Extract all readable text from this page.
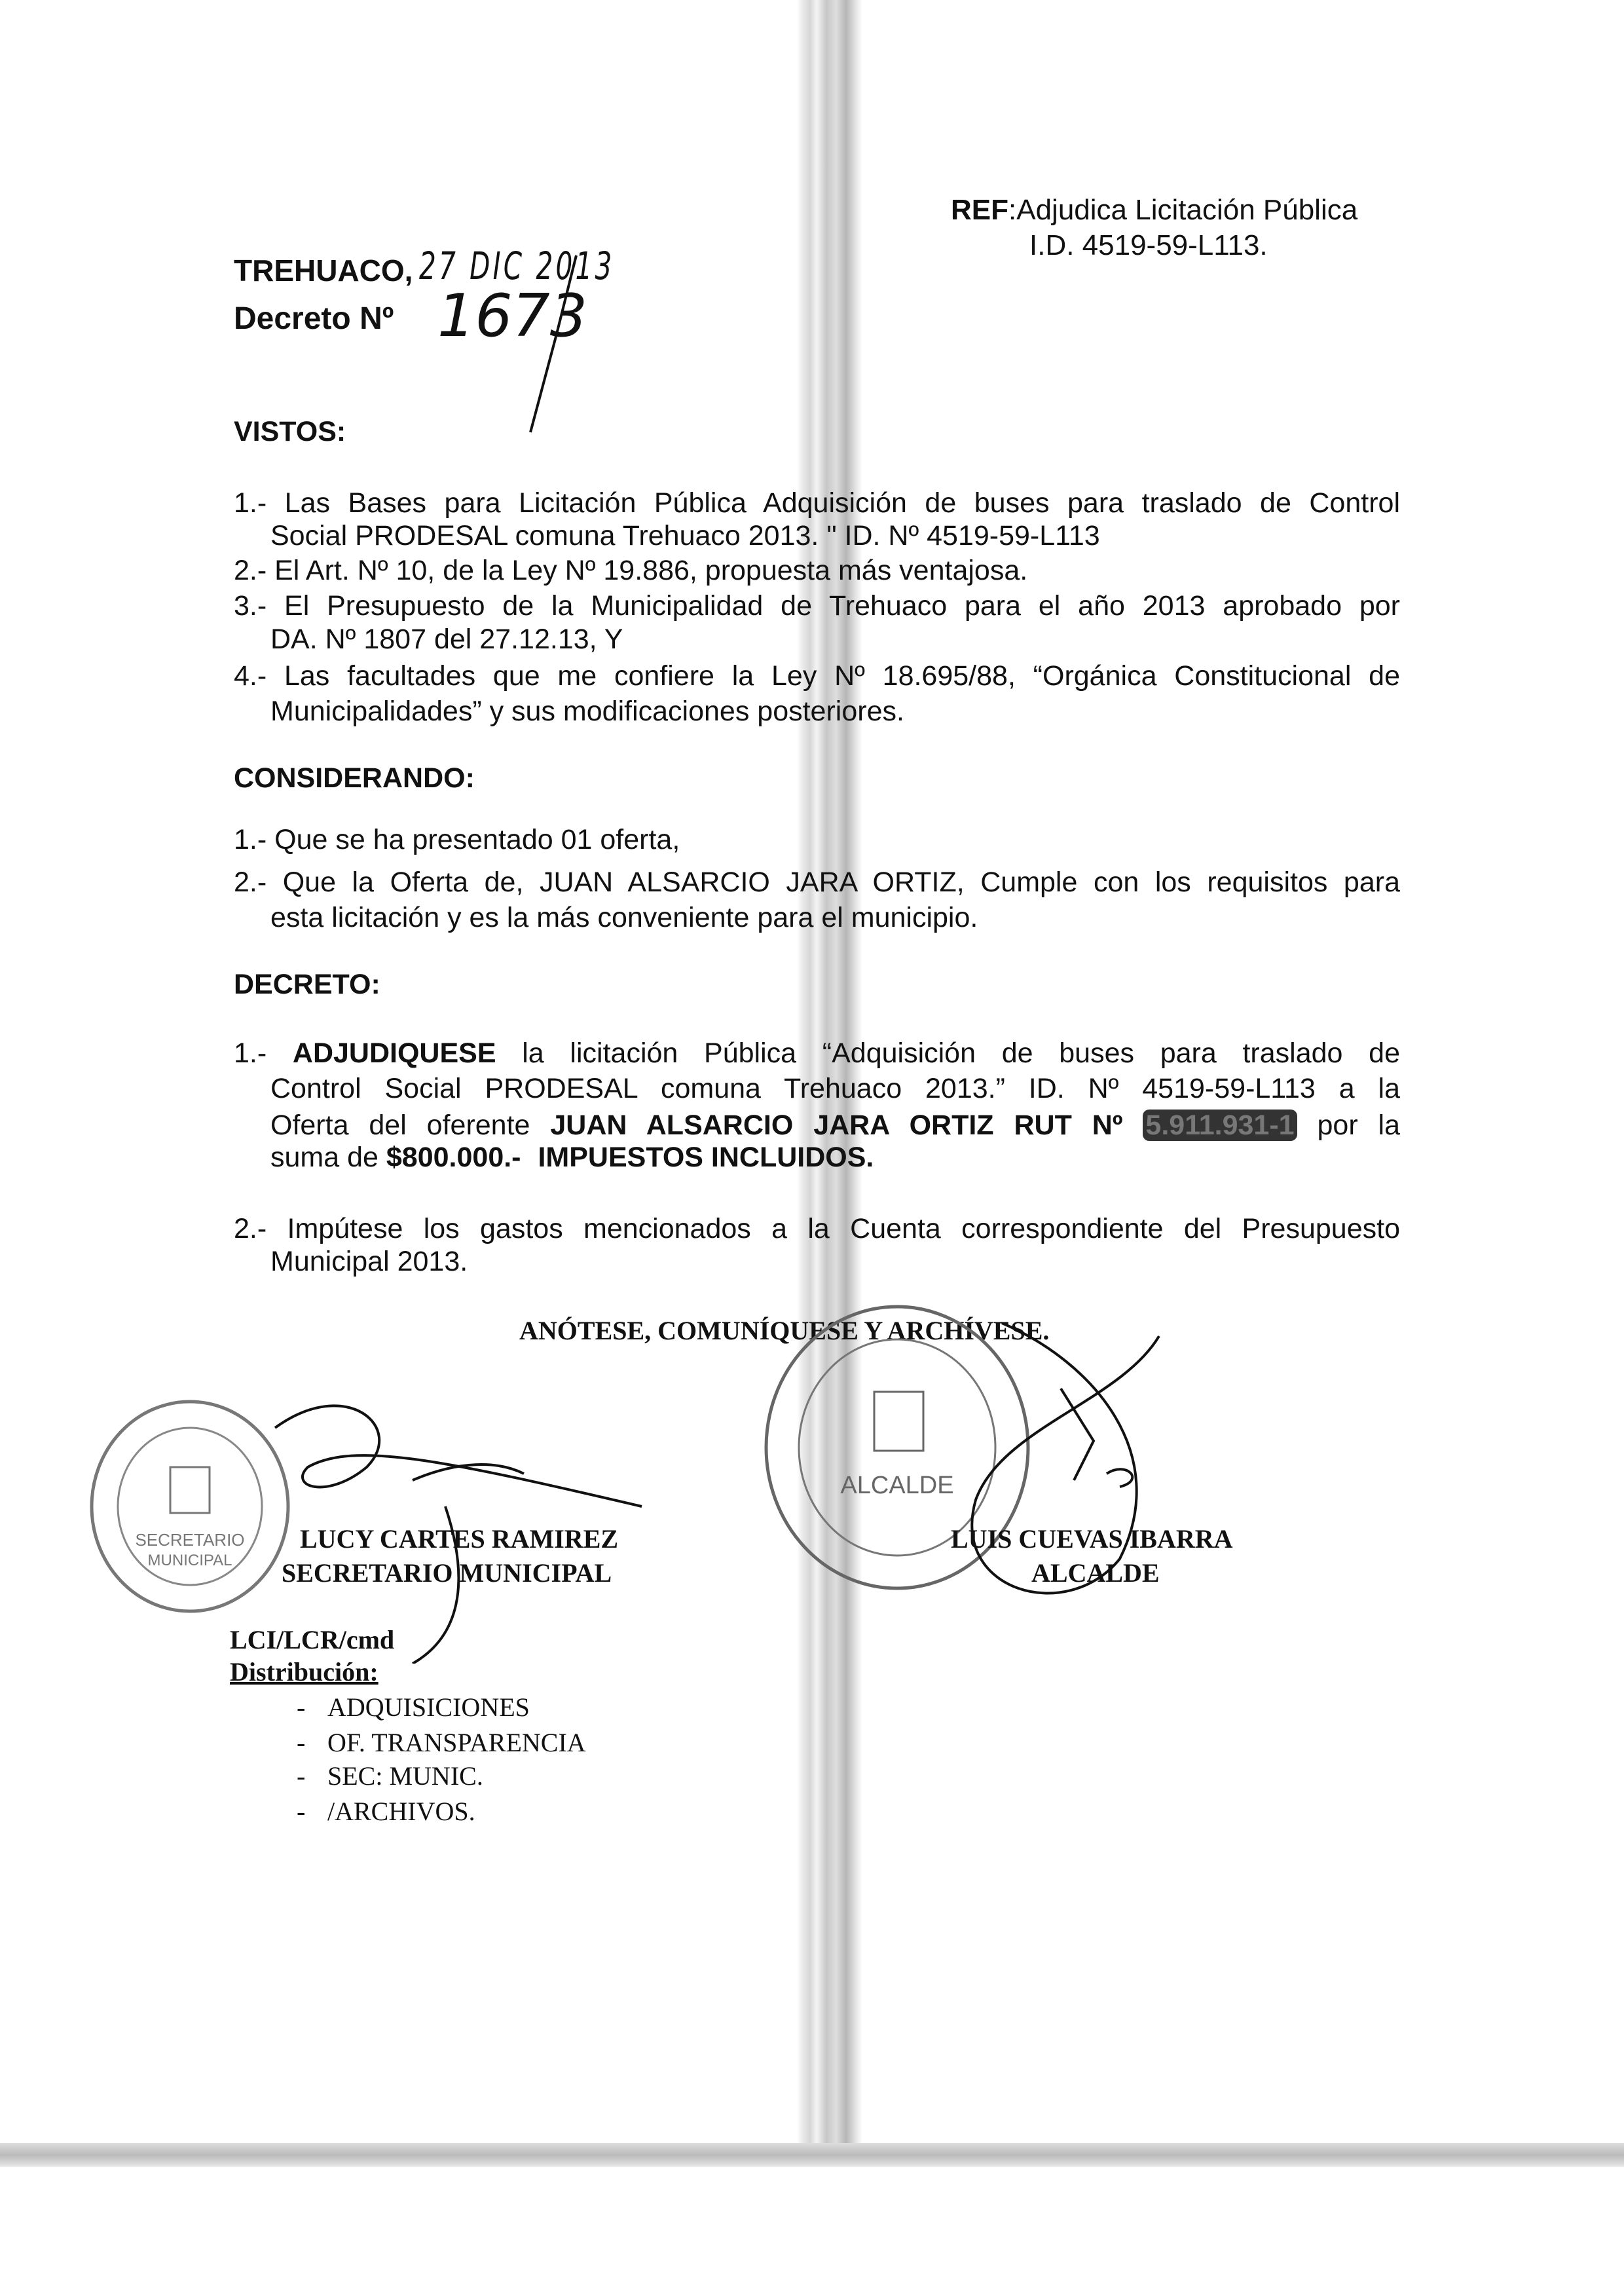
REF:Adjudica Licitación Pública
I.D. 4519-59-L113.
TREHUACO, 27 DIC 2013
Decreto Nº 1673
VISTOS:
1.- Las Bases para Licitación Pública Adquisición de buses para traslado de Control
Social PRODESAL comuna Trehuaco 2013. " ID. Nº 4519-59-L113
2.- El Art. Nº 10, de la Ley Nº 19.886, propuesta más ventajosa.
3.- El Presupuesto de la Municipalidad de Trehuaco para el año 2013 aprobado por
DA. Nº 1807 del 27.12.13, Y
4.- Las facultades que me confiere la Ley Nº 18.695/88, “Orgánica Constitucional de
Municipalidades” y sus modificaciones posteriores.
CONSIDERANDO:
1.- Que se ha presentado 01 oferta,
2.- Que la Oferta de, JUAN ALSARCIO JARA ORTIZ, Cumple con los requisitos para
esta licitación y es la más conveniente para el municipio.
DECRETO:
1.- ADJUDIQUESE la licitación Pública “Adquisición de buses para traslado de
Control Social PRODESAL comuna Trehuaco 2013.” ID. Nº 4519-59-L113 a la
Oferta del oferente JUAN ALSARCIO JARA ORTIZ RUT Nº 5.911.931-1 por la
suma de $800.000.- IMPUESTOS INCLUIDOS.
2.- Impútese los gastos mencionados a la Cuenta correspondiente del Presupuesto
Municipal 2013.
ANÓTESE, COMUNÍQUESE Y ARCHÍVESE.
SECRETARIO
MUNICIPAL
ALCALDE
LUCY CARTES RAMIREZ
SECRETARIO MUNICIPAL
LUIS CUEVAS IBARRA
ALCALDE
LCI/LCR/cmd
Distribución:
- ADQUISICIONES
- OF. TRANSPARENCIA
- SEC: MUNIC.
- /ARCHIVOS.
